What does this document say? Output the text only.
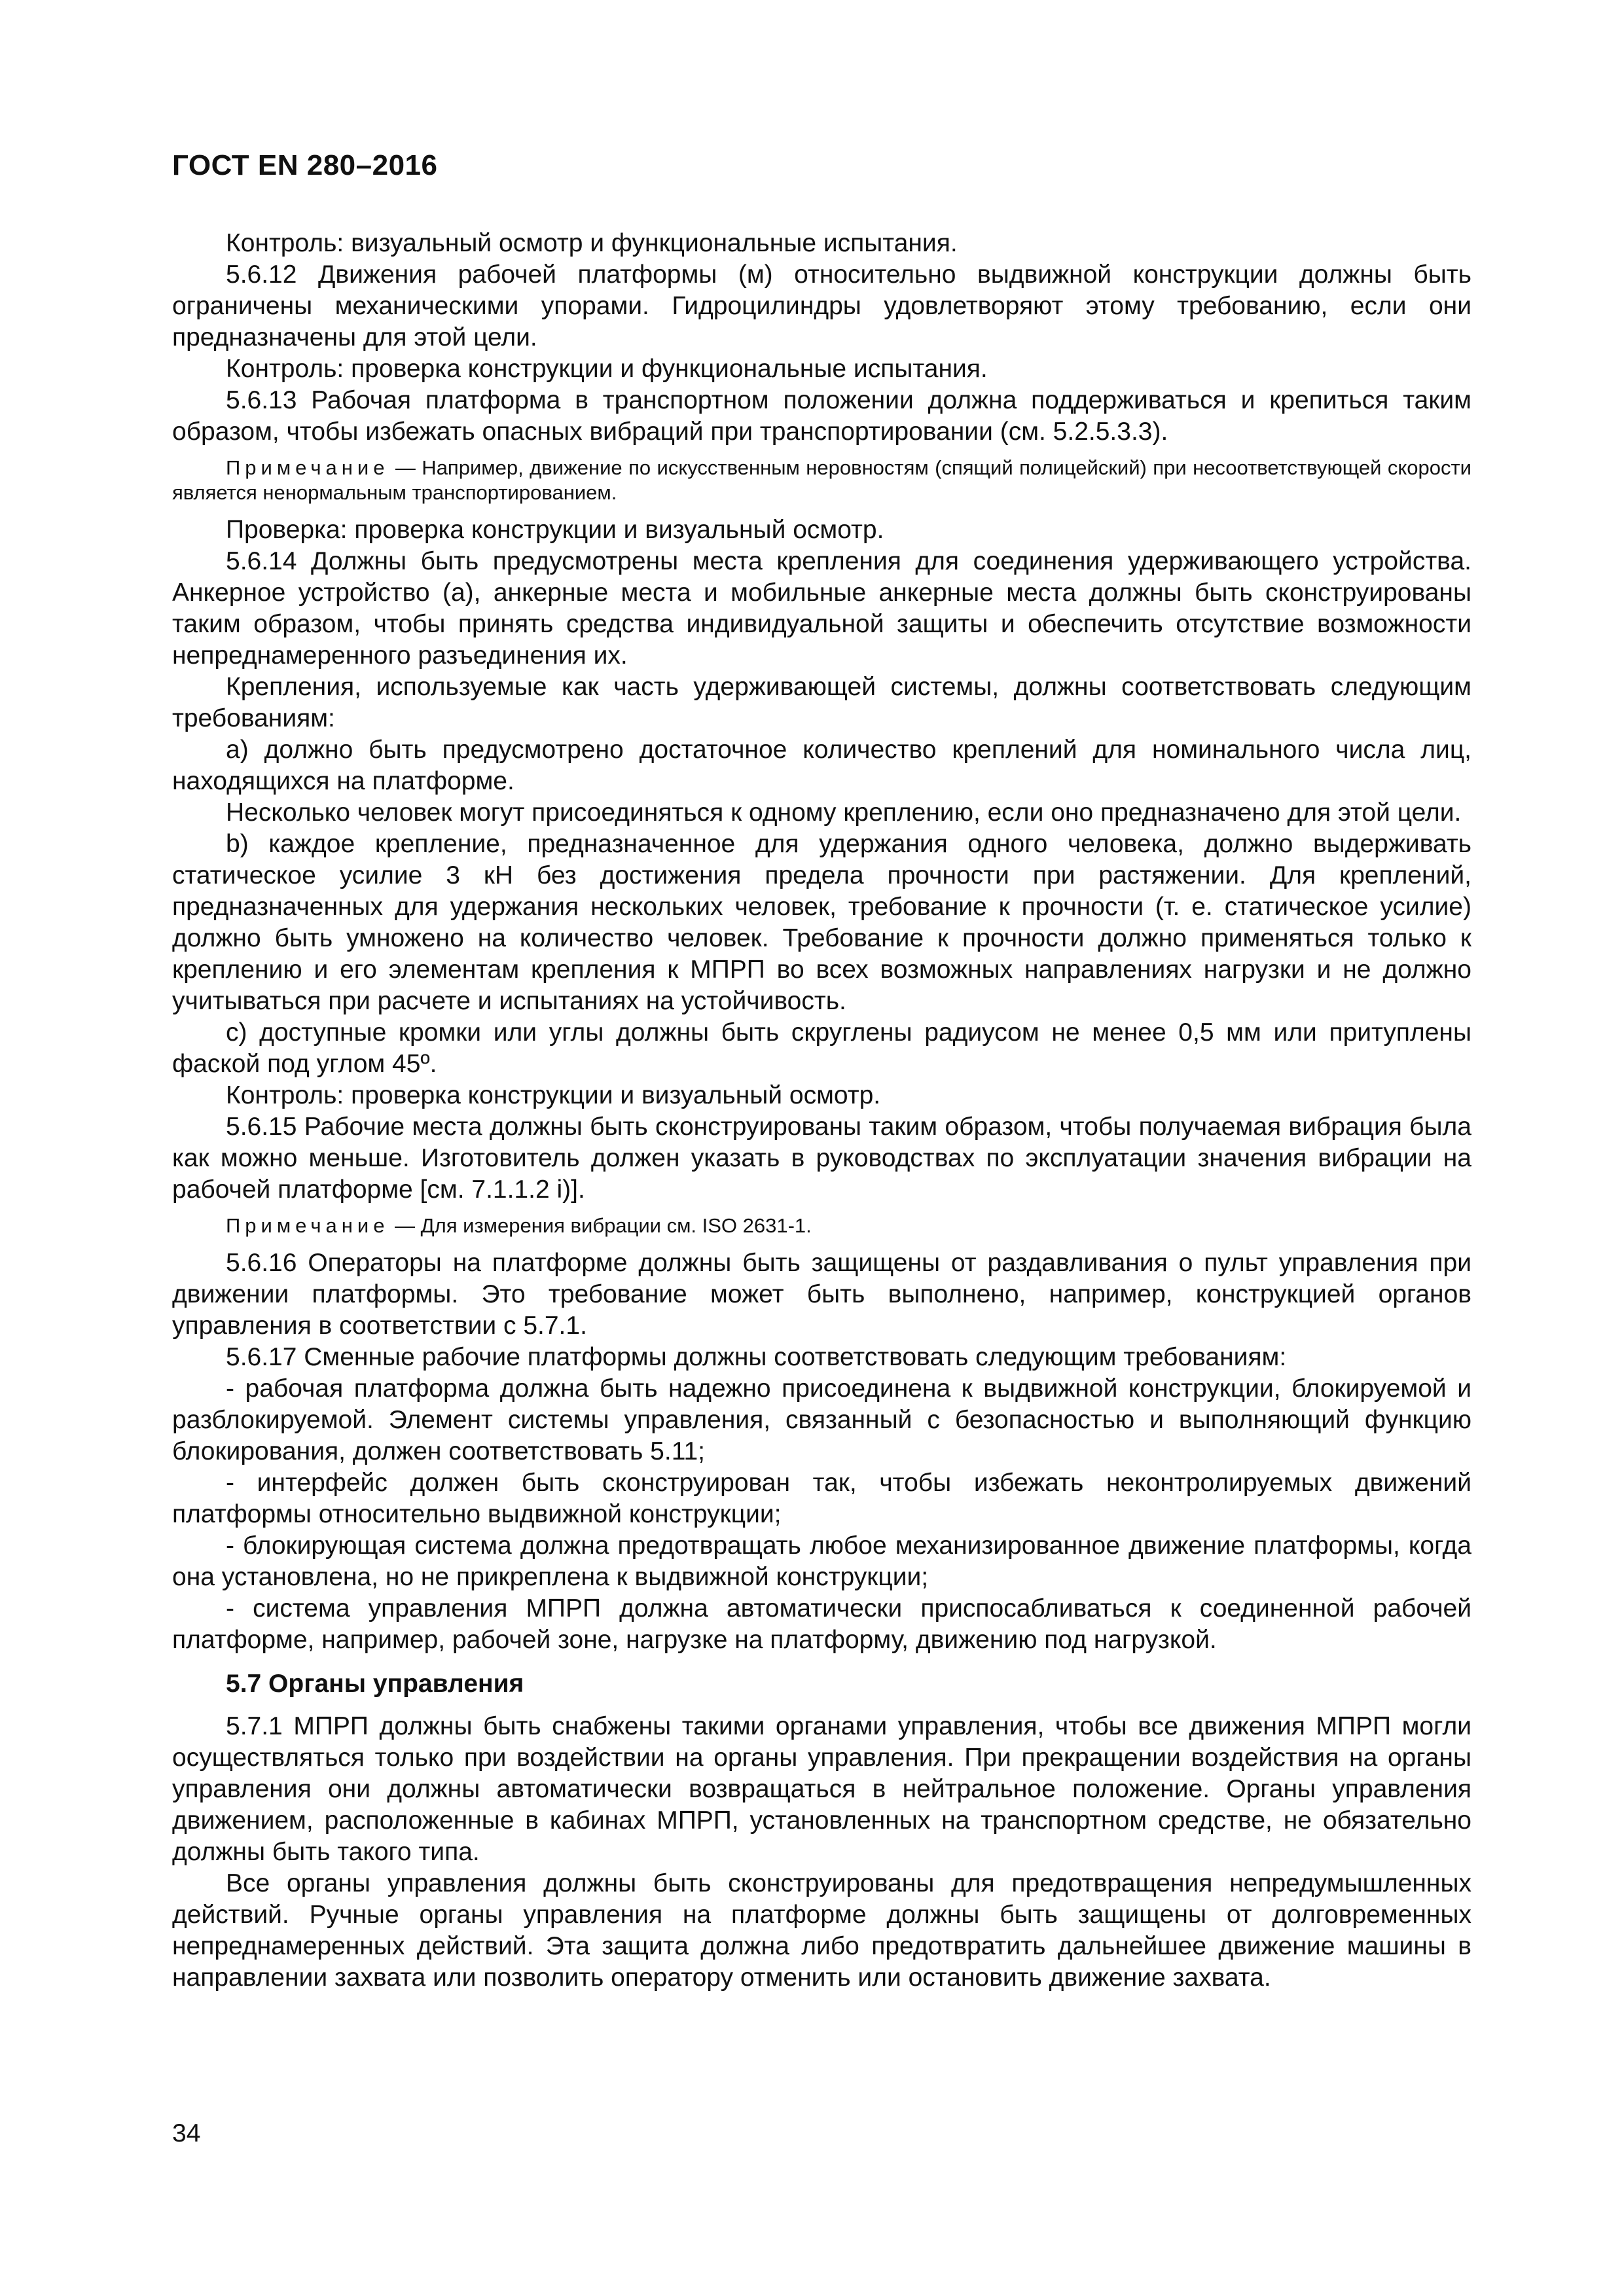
ГОСТ EN 280–2016

Контроль: визуальный осмотр и функциональные испытания.

5.6.12 Движения рабочей платформы (м) относительно выдвижной конструкции должны быть ограничены механическими упорами. Гидроцилиндры удовлетворяют этому требованию, если они предназначены для этой цели.

Контроль: проверка конструкции и функциональные испытания.

5.6.13 Рабочая платформа в транспортном положении должна поддерживаться и крепиться таким образом, чтобы избежать опасных вибраций при транспортировании (см. 5.2.5.3.3).

Примечание — Например, движение по искусственным неровностям (спящий полицейский) при несоответствующей скорости является ненормальным транспортированием.

Проверка: проверка конструкции и визуальный осмотр.

5.6.14 Должны быть предусмотрены места крепления для соединения удерживающего устройства. Анкерное устройство (а), анкерные места и мобильные анкерные места должны быть сконструированы таким образом, чтобы принять средства индивидуальной защиты и обеспечить отсутствие возможности непреднамеренного разъединения их.

Крепления, используемые как часть удерживающей системы, должны соответствовать следующим требованиям:

а) должно быть предусмотрено достаточное количество креплений для номинального числа лиц, находящихся на платформе.

Несколько человек могут присоединяться к одному креплению, если оно предназначено для этой цели.

b) каждое крепление, предназначенное для удержания одного человека, должно выдерживать статическое усилие 3 кН без достижения предела прочности при растяжении. Для креплений, предназначенных для удержания нескольких человек, требование к прочности (т. е. статическое усилие) должно быть умножено на количество человек. Требование к прочности должно применяться только к креплению и его элементам крепления к МПРП во всех возможных направлениях нагрузки и не должно учитываться при расчете и испытаниях на устойчивость.

с) доступные кромки или углы должны быть скруглены радиусом не менее 0,5 мм или притуплены фаской под углом 45º.

Контроль: проверка конструкции и визуальный осмотр.

5.6.15 Рабочие места должны быть сконструированы таким образом, чтобы получаемая вибрация была как можно меньше. Изготовитель должен указать в руководствах по эксплуатации значения вибрации на рабочей платформе [см. 7.1.1.2 i)].

Примечание — Для измерения вибрации см. ISO 2631-1.

5.6.16 Операторы на платформе должны быть защищены от раздавливания о пульт управления при движении платформы. Это требование может быть выполнено, например, конструкцией органов управления в соответствии с 5.7.1.

5.6.17 Сменные рабочие платформы должны соответствовать следующим требованиям:

- рабочая платформа должна быть надежно присоединена к выдвижной конструкции, блокируемой и разблокируемой. Элемент системы управления, связанный с безопасностью и выполняющий функцию блокирования, должен соответствовать 5.11;

- интерфейс должен быть сконструирован так, чтобы избежать неконтролируемых движений платформы относительно выдвижной конструкции;

- блокирующая система должна предотвращать любое механизированное движение платформы, когда она установлена, но не прикреплена к выдвижной конструкции;

- система управления МПРП должна автоматически приспосабливаться к соединенной рабочей платформе, например, рабочей зоне, нагрузке на платформу, движению под нагрузкой.

5.7 Органы управления

5.7.1 МПРП должны быть снабжены такими органами управления, чтобы все движения МПРП могли осуществляться только при воздействии на органы управления. При прекращении воздействия на органы управления они должны автоматически возвращаться в нейтральное положение. Органы управления движением, расположенные в кабинах МПРП, установленных на транспортном средстве, не обязательно должны быть такого типа.

Все органы управления должны быть сконструированы для предотвращения непредумышленных действий. Ручные органы управления на платформе должны быть защищены от долговременных непреднамеренных действий. Эта защита должна либо предотвратить дальнейшее движение машины в направлении захвата или позволить оператору отменить или остановить движение захвата.

34
